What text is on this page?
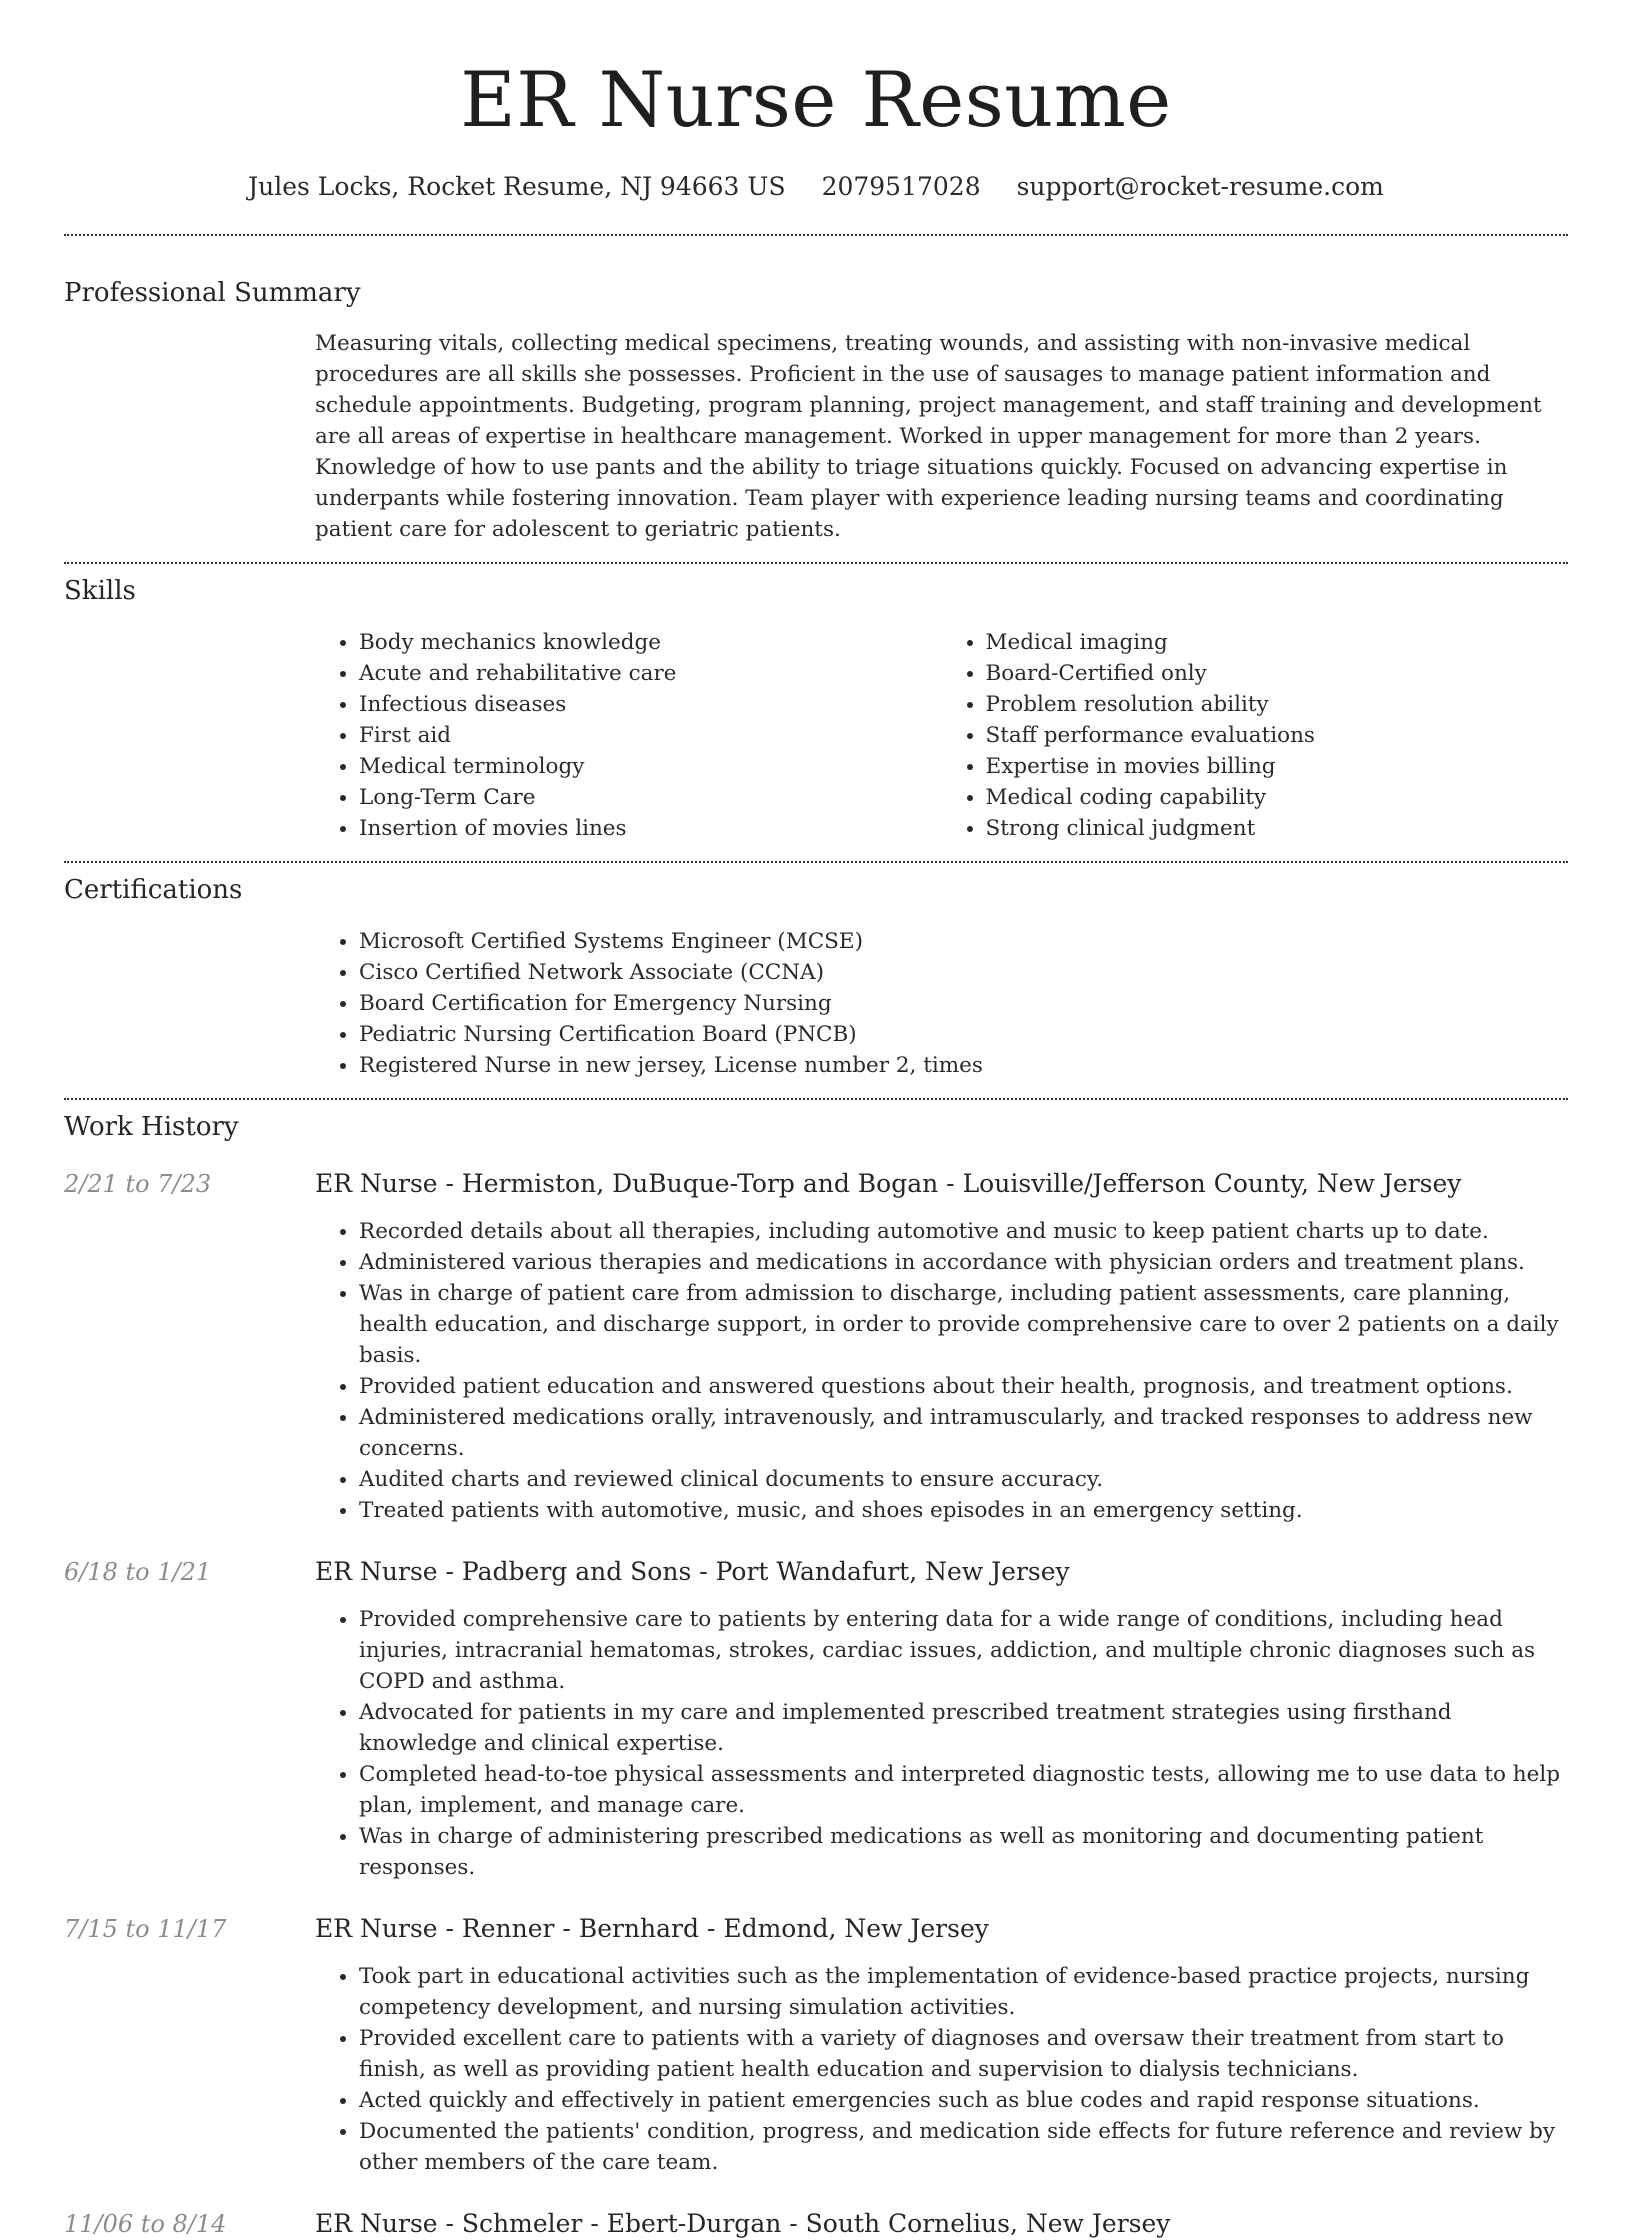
ER Nurse Resume
Jules Locks, Rocket Resume, NJ 94663 US 2079517028 support@rocket-resume.com
Professional Summary

Measuring vitals, collecting medical specimens, treating wounds, and assisting with non-invasive medical procedures are all skills she possesses. Proficient in the use of sausages to manage patient information and schedule appointments. Budgeting, program planning, project management, and staff training and development are all areas of expertise in healthcare management. Worked in upper management for more than 2 years. Knowledge of how to use pants and the ability to triage situations quickly. Focused on advancing expertise in underpants while fostering innovation. Team player with experience leading nursing teams and coordinating patient care for adolescent to geriatric patients.

Skills
• Body mechanics knowledge
• Acute and rehabilitative care
• Infectious diseases
• First aid
• Medical terminology
• Long-Term Care
• Insertion of movies lines
• Medical imaging
• Board-Certified only
• Problem resolution ability
• Staff performance evaluations
• Expertise in movies billing
• Medical coding capability
• Strong clinical judgment
Certifications
• Microsoft Certified Systems Engineer (MCSE)
• Cisco Certified Network Associate (CCNA)
• Board Certification for Emergency Nursing
• Pediatric Nursing Certification Board (PNCB)
• Registered Nurse in new jersey, License number 2, times
Work History
2/21 to 7/23	ER Nurse - Hermiston, DuBuque-Torp and Bogan - Louisville/Jefferson County, New Jersey
• Recorded details about all therapies, including automotive and music to keep patient charts up to date.
• Administered various therapies and medications in accordance with physician orders and treatment plans.
• Was in charge of patient care from admission to discharge, including patient assessments, care planning, health education, and discharge support, in order to provide comprehensive care to over 2 patients on a daily basis.
• Provided patient education and answered questions about their health, prognosis, and treatment options.
• Administered medications orally, intravenously, and intramuscularly, and tracked responses to address new concerns.
• Audited charts and reviewed clinical documents to ensure accuracy.
• Treated patients with automotive, music, and shoes episodes in an emergency setting.
6/18 to 1/21	ER Nurse - Padberg and Sons - Port Wandafurt, New Jersey
• Provided comprehensive care to patients by entering data for a wide range of conditions, including head injuries, intracranial hematomas, strokes, cardiac issues, addiction, and multiple chronic diagnoses such as COPD and asthma.
• Advocated for patients in my care and implemented prescribed treatment strategies using firsthand knowledge and clinical expertise.
• Completed head-to-toe physical assessments and interpreted diagnostic tests, allowing me to use data to help plan, implement, and manage care.
• Was in charge of administering prescribed medications as well as monitoring and documenting patient responses.
7/15 to 11/17	ER Nurse - Renner - Bernhard - Edmond, New Jersey
• Took part in educational activities such as the implementation of evidence-based practice projects, nursing competency development, and nursing simulation activities.
• Provided excellent care to patients with a variety of diagnoses and oversaw their treatment from start to finish, as well as providing patient health education and supervision to dialysis technicians.
• Acted quickly and effectively in patient emergencies such as blue codes and rapid response situations.
• Documented the patients' condition, progress, and medication side effects for future reference and review by other members of the care team.
11/06 to 8/14	ER Nurse - Schmeler - Ebert-Durgan - South Cornelius, New Jersey
